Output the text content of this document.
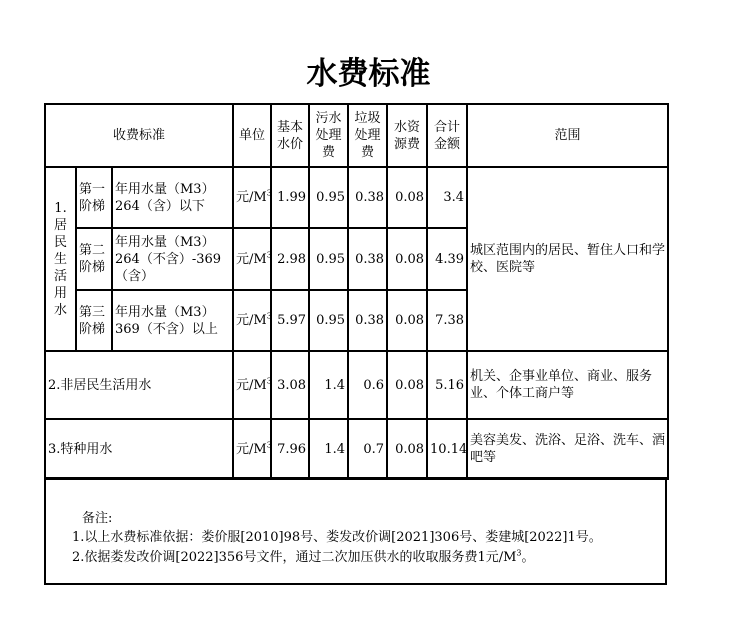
水费标准
收费标准			单位	基本水价	污水处理费	垃圾处理费	水资源费	合计金额	范围
1.居民生活用水	第一阶梯	年用水量（M3）264（含）以下	元$/M^3$	1.99	0.95	0.38	0.08	3.4	城区范围内的居民、暂住人口和学校、医院等
	第二阶梯	年用水量（M3）264（不含）-369（含）	元$/M^3$	2.98	0.95	0.38	0.08	4.39	
	第三阶梯	年用水量（M3）369（不含）以上	元$/M^3$	5.97	0.95	0.38	0.08	7.38	
2.非居民生活用水			元$/M^3$	3.08	1.4	0.6	0.08	5.16	机关、企事业单位、商业、服务业、个体工商户等
3.特种用水			元$/M^3$	7.96	1.4	0.7	0.08	10.14	美容美发、洗浴、足浴、洗车、酒吧等
备注:
1.以上水费标准依据：娄价服[2010]98号、娄发改价调[2021]306号、娄建城[2022]1号。
2.依据娄发改价调[2022]356号文件，通过二次加压供水的收取服务费1元$/M^3$。
